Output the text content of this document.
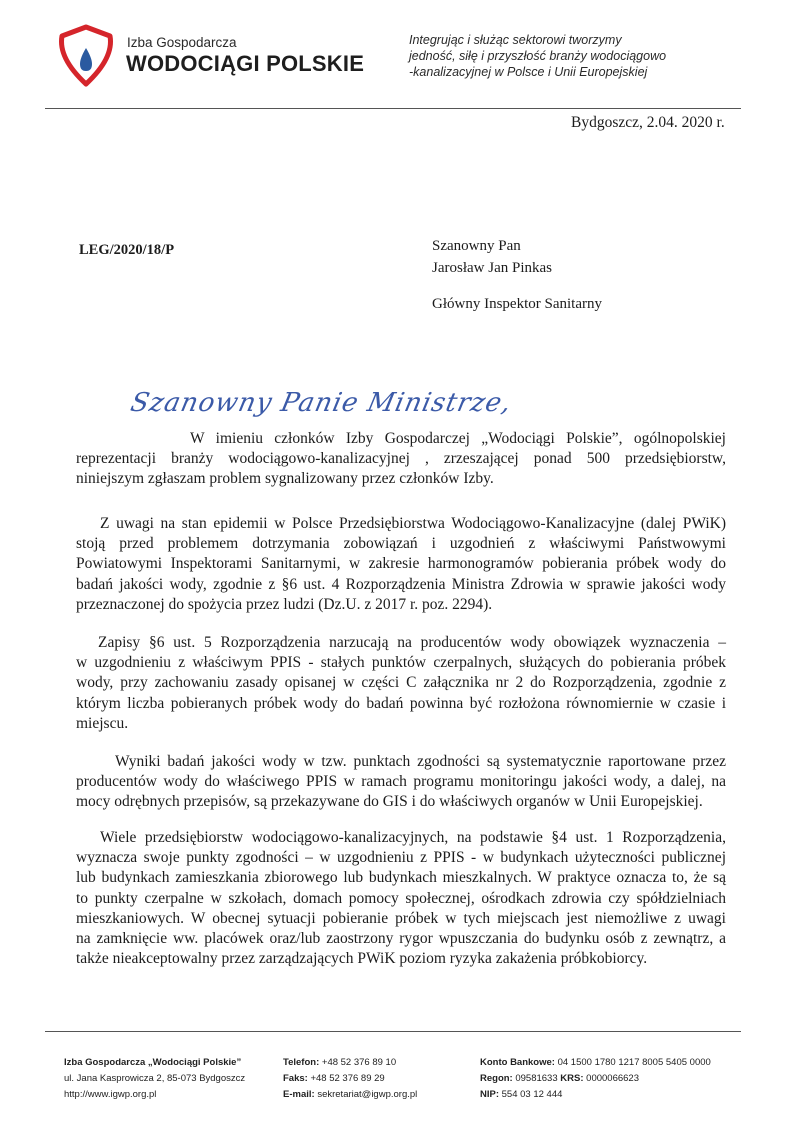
Izba Gospodarcza
WODOCIĄGI POLSKIE
Integrując i służąc sektorowi tworzymy
jedność, siłę i przyszłość branży wodociągowo
-kanalizacyjnej w Polsce i Unii Europejskiej
Bydgoszcz, 2.04. 2020 r.
LEG/2020/18/P	Szanowny Pan
Jarosław Jan Pinkas
Główny Inspektor Sanitarny
Szanowny Panie Ministrze,
W imieniu członków Izby Gospodarczej „Wodociągi Polskie”, ogólnopolskiej
reprezentacji branży wodociągowo-kanalizacyjnej , zrzeszającej ponad 500 przedsiębiorstw,
niniejszym zgłaszam problem sygnalizowany przez członków Izby.
Z uwagi na stan epidemii w Polsce Przedsiębiorstwa Wodociągowo-Kanalizacyjne (dalej PWiK)
stoją przed problemem dotrzymania zobowiązań i uzgodnień z właściwymi Państwowymi
Powiatowymi Inspektorami Sanitarnymi, w zakresie harmonogramów pobierania próbek wody do
badań jakości wody, zgodnie z §6 ust. 4 Rozporządzenia Ministra Zdrowia w sprawie jakości wody
przeznaczonej do spożycia przez ludzi (Dz.U. z 2017 r. poz. 2294).
Zapisy §6 ust. 5 Rozporządzenia narzucają na producentów wody obowiązek wyznaczenia –
w uzgodnieniu z właściwym PPIS - stałych punktów czerpalnych, służących do pobierania próbek
wody, przy zachowaniu zasady opisanej w części C załącznika nr 2 do Rozporządzenia, zgodnie z
którym liczba pobieranych próbek wody do badań powinna być rozłożona równomiernie w czasie i
miejscu.
Wyniki badań jakości wody w tzw. punktach zgodności są systematycznie raportowane przez
producentów wody do właściwego PPIS w ramach programu monitoringu jakości wody, a dalej, na
mocy odrębnych przepisów, są przekazywane do GIS i do właściwych organów w Unii Europejskiej.
Wiele przedsiębiorstw wodociągowo-kanalizacyjnych, na podstawie §4 ust. 1 Rozporządzenia,
wyznacza swoje punkty zgodności – w uzgodnieniu z PPIS - w budynkach użyteczności publicznej
lub budynkach zamieszkania zbiorowego lub budynkach mieszkalnych. W praktyce oznacza to, że są
to punkty czerpalne w szkołach, domach pomocy społecznej, ośrodkach zdrowia czy spółdzielniach
mieszkaniowych. W obecnej sytuacji pobieranie próbek w tych miejscach jest niemożliwe z uwagi
na zamknięcie ww. placówek oraz/lub zaostrzony rygor wpuszczania do budynku osób z zewnątrz, a
także nieakceptowalny przez zarządzających PWiK poziom ryzyka zakażenia próbkobiorcy.
Izba Gospodarcza „Wodociągi Polskie”
ul. Jana Kasprowicza 2, 85-073 Bydgoszcz
http://www.igwp.org.pl
Telefon: +48 52 376 89 10
Faks: +48 52 376 89 29
E-mail: sekretariat@igwp.org.pl
Konto Bankowe: 04 1500 1780 1217 8005 5405 0000
Regon: 09581633 KRS: 0000066623
NIP: 554 03 12 444
